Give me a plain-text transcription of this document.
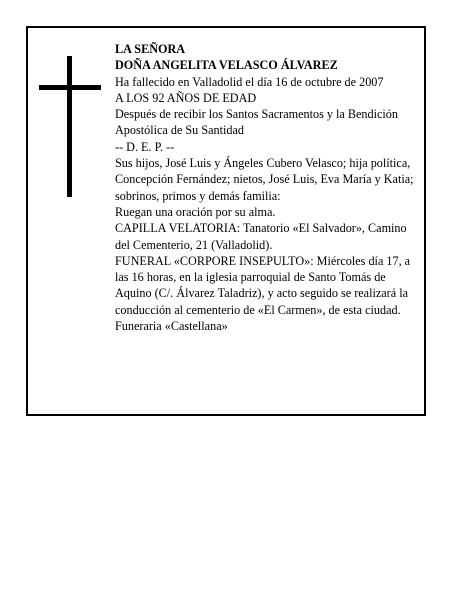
LA SEÑORA

DOÑA ANGELITA VELASCO ÁLVAREZ

Ha fallecido en Valladolid el día 16 de octubre de 2007

A LOS 92 AÑOS DE EDAD

Después de recibir los Santos Sacramentos y la Bendición Apostólica de Su Santidad

-- D. E. P. --

Sus hijos, José Luis y Ángeles Cubero Velasco; hija política, Concepción Fernández; nietos, José Luis, Eva María y Katia; sobrinos, primos y demás familia:

Ruegan una oración por su alma.

CAPILLA VELATORIA: Tanatorio «El Salvador», Camino del Cementerio, 21 (Valladolid).

FUNERAL «CORPORE INSEPULTO»: Miércoles día 17, a las 16 horas, en la iglesia parroquial de Santo Tomás de Aquino (C/. Álvarez Taladriz), y acto seguido se realizará la conducción al cementerio de «El Carmen», de esta ciudad.

Funeraria «Castellana»
